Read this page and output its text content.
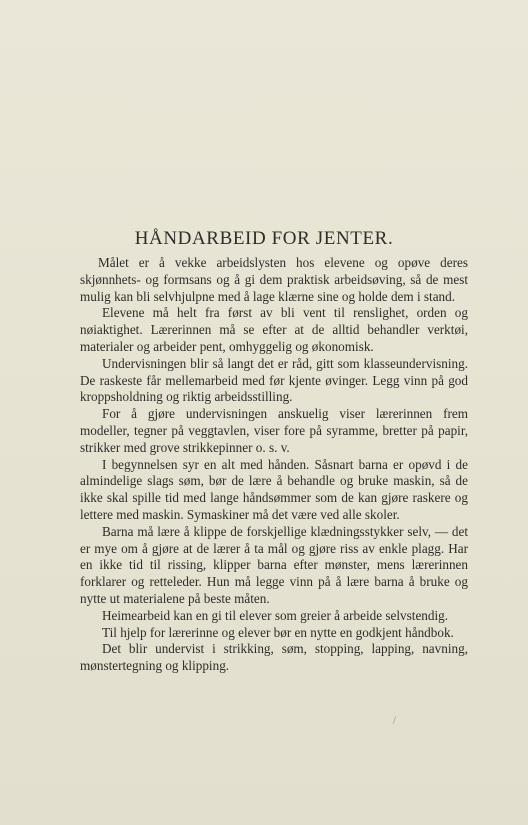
HÅNDARBEID FOR JENTER.

Målet er å vekke arbeidslysten hos elevene og opøve deres skjønnhets- og formsans og å gi dem praktisk arbeidsøving, så de mest mulig kan bli selvhjulpne med å lage klærne sine og holde dem i stand.

Elevene må helt fra først av bli vent til renslighet, orden og nøiaktighet. Lærerinnen må se efter at de alltid behandler verktøi, materialer og arbeider pent, omhyggelig og økonomisk.

Undervisningen blir så langt det er råd, gitt som klasseundervisning. De raskeste får mellemarbeid med før kjente øvinger. Legg vinn på god kroppsholdning og riktig arbeidsstilling.

For å gjøre undervisningen anskuelig viser lærerinnen frem modeller, tegner på veggtavlen, viser fore på syramme, bretter på papir, strikker med grove strikkepinner o. s. v.

I begynnelsen syr en alt med hånden. Såsnart barna er opøvd i de almindelige slags søm, bør de lære å behandle og bruke maskin, så de ikke skal spille tid med lange håndsømmer som de kan gjøre raskere og lettere med maskin. Symaskiner må det være ved alle skoler.

Barna må lære å klippe de forskjellige klædningsstykker selv, — det er mye om å gjøre at de lærer å ta mål og gjøre riss av enkle plagg. Har en ikke tid til rissing, klipper barna efter mønster, mens lærerinnen forklarer og retteleder. Hun må legge vinn på å lære barna å bruke og nytte ut materialene på beste måten.

Heimearbeid kan en gi til elever som greier å arbeide selvstendig.

Til hjelp for lærerinne og elever bør en nytte en godkjent håndbok.

Det blir undervist i strikking, søm, stopping, lapping, navning, mønstertegning og klipping.
